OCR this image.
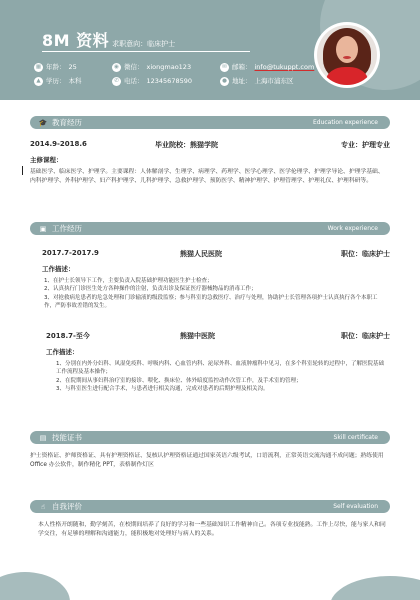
8M 资料 求职意向：临床护士
▦ 年龄： 25	◉ 微信： xiongmao123	✉ 邮箱： info@tukuppt.com
▲ 学历： 本科	✆ 电话： 12345678590	● 地址： 上海市浦东区
🎓 教育经历	Education experience
2014.9-2018.6	毕业院校：熊猫学院	专业：护理专业
主修课程：
基础医学、临床医学、护理学。主要课程：人体解剖学、生理学、病理学、药理学、医学心理学、医学伦理学、护理学导论、护理学基础、内科护理学、外科护理学、妇产科护理学、儿科护理学、急救护理学、预防医学、精神护理学、护理管理学、护理礼仪、护理科研等。
▣ 工作经历	Work experience
2017.7-2017.9	熊猫人民医院	职位：临床护士
工作描述：
1、在护士长领导下工作，主要负责入院基础护理功能医生护士检查；
2、认真执行门诊医生处方各种操作的注射，负责出诊及保证医疗器械物品的消毒工作；
3、对抢救病危患者的危急处理和门诊输液的级段监察；参与科室的急救医疗、治疗与处理，协助护士长管理各项护士认真执行各个本职工作，严防事故差错的发生。
2018.7-至今	熊猫中医院	职位：临床护士
工作描述：
1、分别在内外分妇科、风湿免疫科、呼吸内科、心血管内科、泌尿外科、血液肿瘤科中见习，在多个科室轮转的过程中，了解医院基础工作流程及基本操作；
2、在院期间从事妇科治疗室的接诊、喂化、换床位、体外暗度监控动作次管工作，及手术室的管理；
3、与科室医生进行配合手术，与患者进行相关沟通，完成对患者的后期护理及相关沟。
▤ 技能证书	Skill certificate
护士资格证、护师资格证、具有护理资格证、复核认护理资格证通过国家英语六级考试，口语流利，正常英语交流沟通不成问题；熟练使用 Office 办公软件，制作精化 PPT，表格制作灯区
☝ 自我评价	Self evaluation
本人性格开朗随和，勤学刻苦，在校期间培养了良好的学习和一些基础知识工作精神自己。各项专业技能熟。工作上尽快，能与家人和同学交往，有足够的理解和沟通能力，能积极地对处理好与病人的关系。
